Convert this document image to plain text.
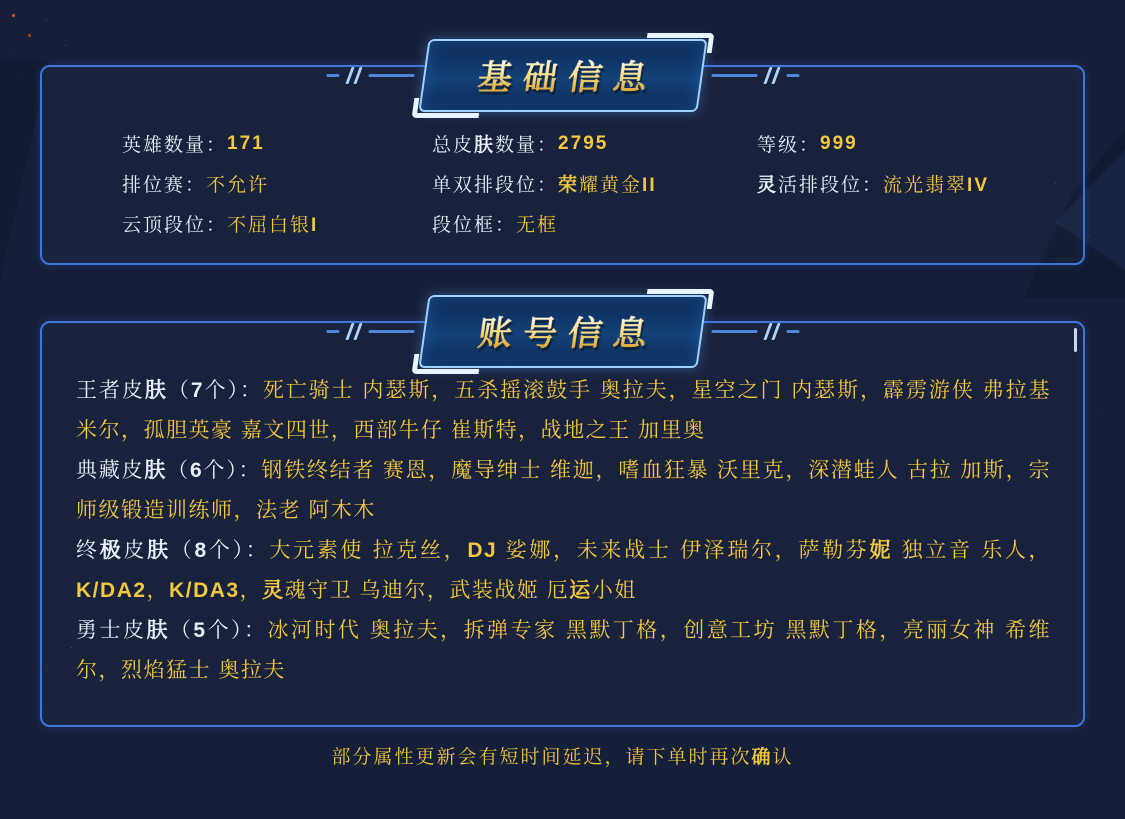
基础信息
英雄数量： 171	总皮肤数量： 2795	等级： 999
排位赛： 不允许	单双排段位： 荣耀黄金II	灵活排段位： 流光翡翠IV
云顶段位： 不屈白银I	段位框： 无框
账号信息

王者皮肤（7个）：死亡骑士 内瑟斯，五杀摇滚鼓手 奥拉夫，星空之门 内瑟斯，霹雳游侠 弗拉基米尔，孤胆英豪 嘉文四世，西部牛仔 崔斯特，战地之王 加里奥

典藏皮肤（6个）：钢铁终结者 赛恩，魔导绅士 维迦，嗜血狂暴 沃里克，深潜蛙人 古拉 加斯，宗师级锻造训练师，法老 阿木木

终极皮肤（8个）：大元素使 拉克丝，DJ 娑娜，未来战士 伊泽瑞尔，萨勒芬妮 独立音 乐人，K/DA2，K/DA3，灵魂守卫 乌迪尔，武装战姬 厄运小姐

勇士皮肤（5个）：冰河时代 奥拉夫，拆弹专家 黑默丁格，创意工坊 黑默丁格，亮丽女神 希维尔，烈焰猛士 奥拉夫

部分属性更新会有短时间延迟，请下单时再次确认
